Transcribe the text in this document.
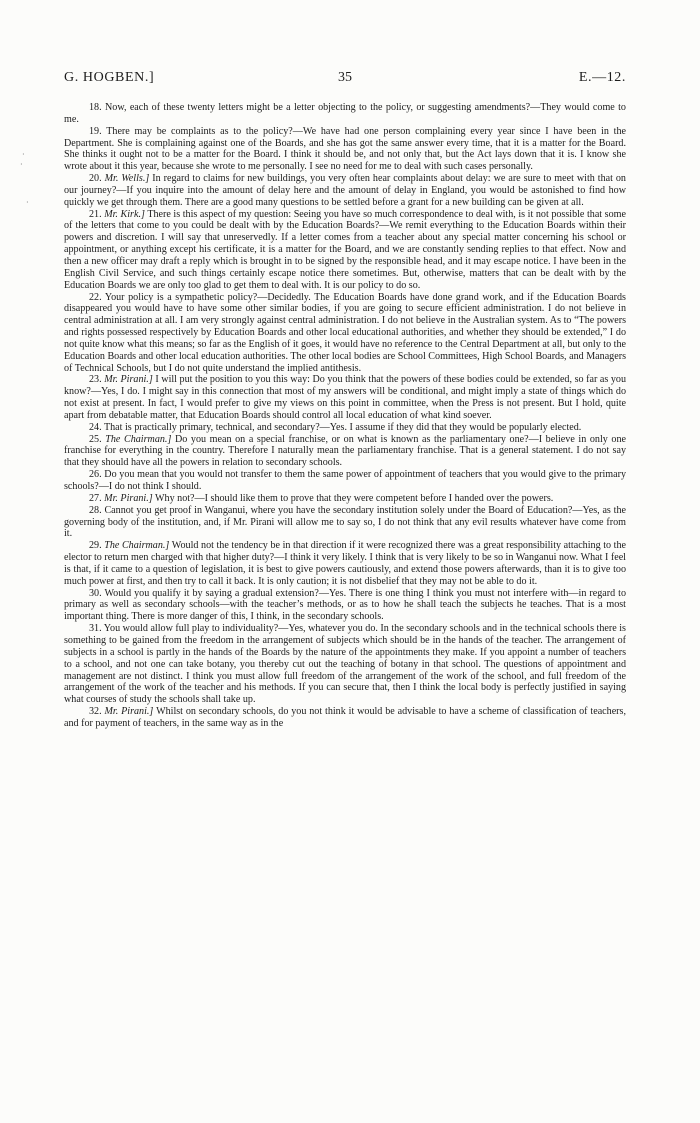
G. HOGBEN.]	35	E.—12.
·
·
·

18. Now, each of these twenty letters might be a letter objecting to the policy, or suggesting amendments?—They would come to me.

19. There may be complaints as to the policy?—We have had one person complaining every year since I have been in the Department. She is complaining against one of the Boards, and she has got the same answer every time, that it is a matter for the Board. She thinks it ought not to be a matter for the Board. I think it should be, and not only that, but the Act lays down that it is. I know she wrote about it this year, because she wrote to me personally. I see no need for me to deal with such cases personally.

20. Mr. Wells.] In regard to claims for new buildings, you very often hear complaints about delay: we are sure to meet with that on our journey?—If you inquire into the amount of delay here and the amount of delay in England, you would be astonished to find how quickly we get through them. There are a good many questions to be settled before a grant for a new building can be given at all.

21. Mr. Kirk.] There is this aspect of my question: Seeing you have so much correspondence to deal with, is it not possible that some of the letters that come to you could be dealt with by the Education Boards?—We remit everything to the Education Boards within their powers and discretion. I will say that unreservedly. If a letter comes from a teacher about any special matter concerning his school or appointment, or anything except his certificate, it is a matter for the Board, and we are constantly sending replies to that effect. Now and then a new officer may draft a reply which is brought in to be signed by the responsible head, and it may escape notice. I have been in the English Civil Service, and such things certainly escape notice there sometimes. But, otherwise, matters that can be dealt with by the Education Boards we are only too glad to get them to deal with. It is our policy to do so.

22. Your policy is a sympathetic policy?—Decidedly. The Education Boards have done grand work, and if the Education Boards disappeared you would have to have some other similar bodies, if you are going to secure efficient administration. I do not believe in central administration at all. I am very strongly against central administration. I do not believe in the Australian system. As to “The powers and rights possessed respectively by Education Boards and other local educational authorities, and whether they should be extended,” I do not quite know what this means; so far as the English of it goes, it would have no reference to the Central Department at all, but only to the Education Boards and other local education authorities. The other local bodies are School Committees, High School Boards, and Managers of Technical Schools, but I do not quite understand the implied antithesis.

23. Mr. Pirani.] I will put the position to you this way: Do you think that the powers of these bodies could be extended, so far as you know?—Yes, I do. I might say in this connection that most of my answers will be conditional, and might imply a state of things which do not exist at present. In fact, I would prefer to give my views on this point in committee, when the Press is not present. But I hold, quite apart from debatable matter, that Education Boards should control all local education of what kind soever.

24. That is practically primary, technical, and secondary?—Yes. I assume if they did that they would be popularly elected.

25. The Chairman.] Do you mean on a special franchise, or on what is known as the parliamentary one?—I believe in only one franchise for everything in the country. Therefore I naturally mean the parliamentary franchise. That is a general statement. I do not say that they should have all the powers in relation to secondary schools.

26. Do you mean that you would not transfer to them the same power of appointment of teachers that you would give to the primary schools?—I do not think I should.

27. Mr. Pirani.] Why not?—I should like them to prove that they were competent before I handed over the powers.

28. Cannot you get proof in Wanganui, where you have the secondary institution solely under the Board of Education?—Yes, as the governing body of the institution, and, if Mr. Pirani will allow me to say so, I do not think that any evil results whatever have come from it.

29. The Chairman.] Would not the tendency be in that direction if it were recognized there was a great responsibility attaching to the elector to return men charged with that higher duty?—I think it very likely. I think that is very likely to be so in Wanganui now. What I feel is that, if it came to a question of legislation, it is best to give powers cautiously, and extend those powers afterwards, than it is to give too much power at first, and then try to call it back. It is only caution; it is not disbelief that they may not be able to do it.

30. Would you qualify it by saying a gradual extension?—Yes. There is one thing I think you must not interfere with—in regard to primary as well as secondary schools—with the teacher’s methods, or as to how he shall teach the subjects he teaches. That is a most important thing. There is more danger of this, I think, in the secondary schools.

31. You would allow full play to individuality?—Yes, whatever you do. In the secondary schools and in the technical schools there is something to be gained from the freedom in the arrangement of subjects which should be in the hands of the teacher. The arrangement of subjects in a school is partly in the hands of the Boards by the nature of the appointments they make. If you appoint a number of teachers to a school, and not one can take botany, you thereby cut out the teaching of botany in that school. The questions of appointment and management are not distinct. I think you must allow full freedom of the arrangement of the work of the school, and full freedom of the arrangement of the work of the teacher and his methods. If you can secure that, then I think the local body is perfectly justified in saying what courses of study the schools shall take up.

32. Mr. Pirani.] Whilst on secondary schools, do you not think it would be advisable to have a scheme of classification of teachers, and for payment of teachers, in the same way as in the
